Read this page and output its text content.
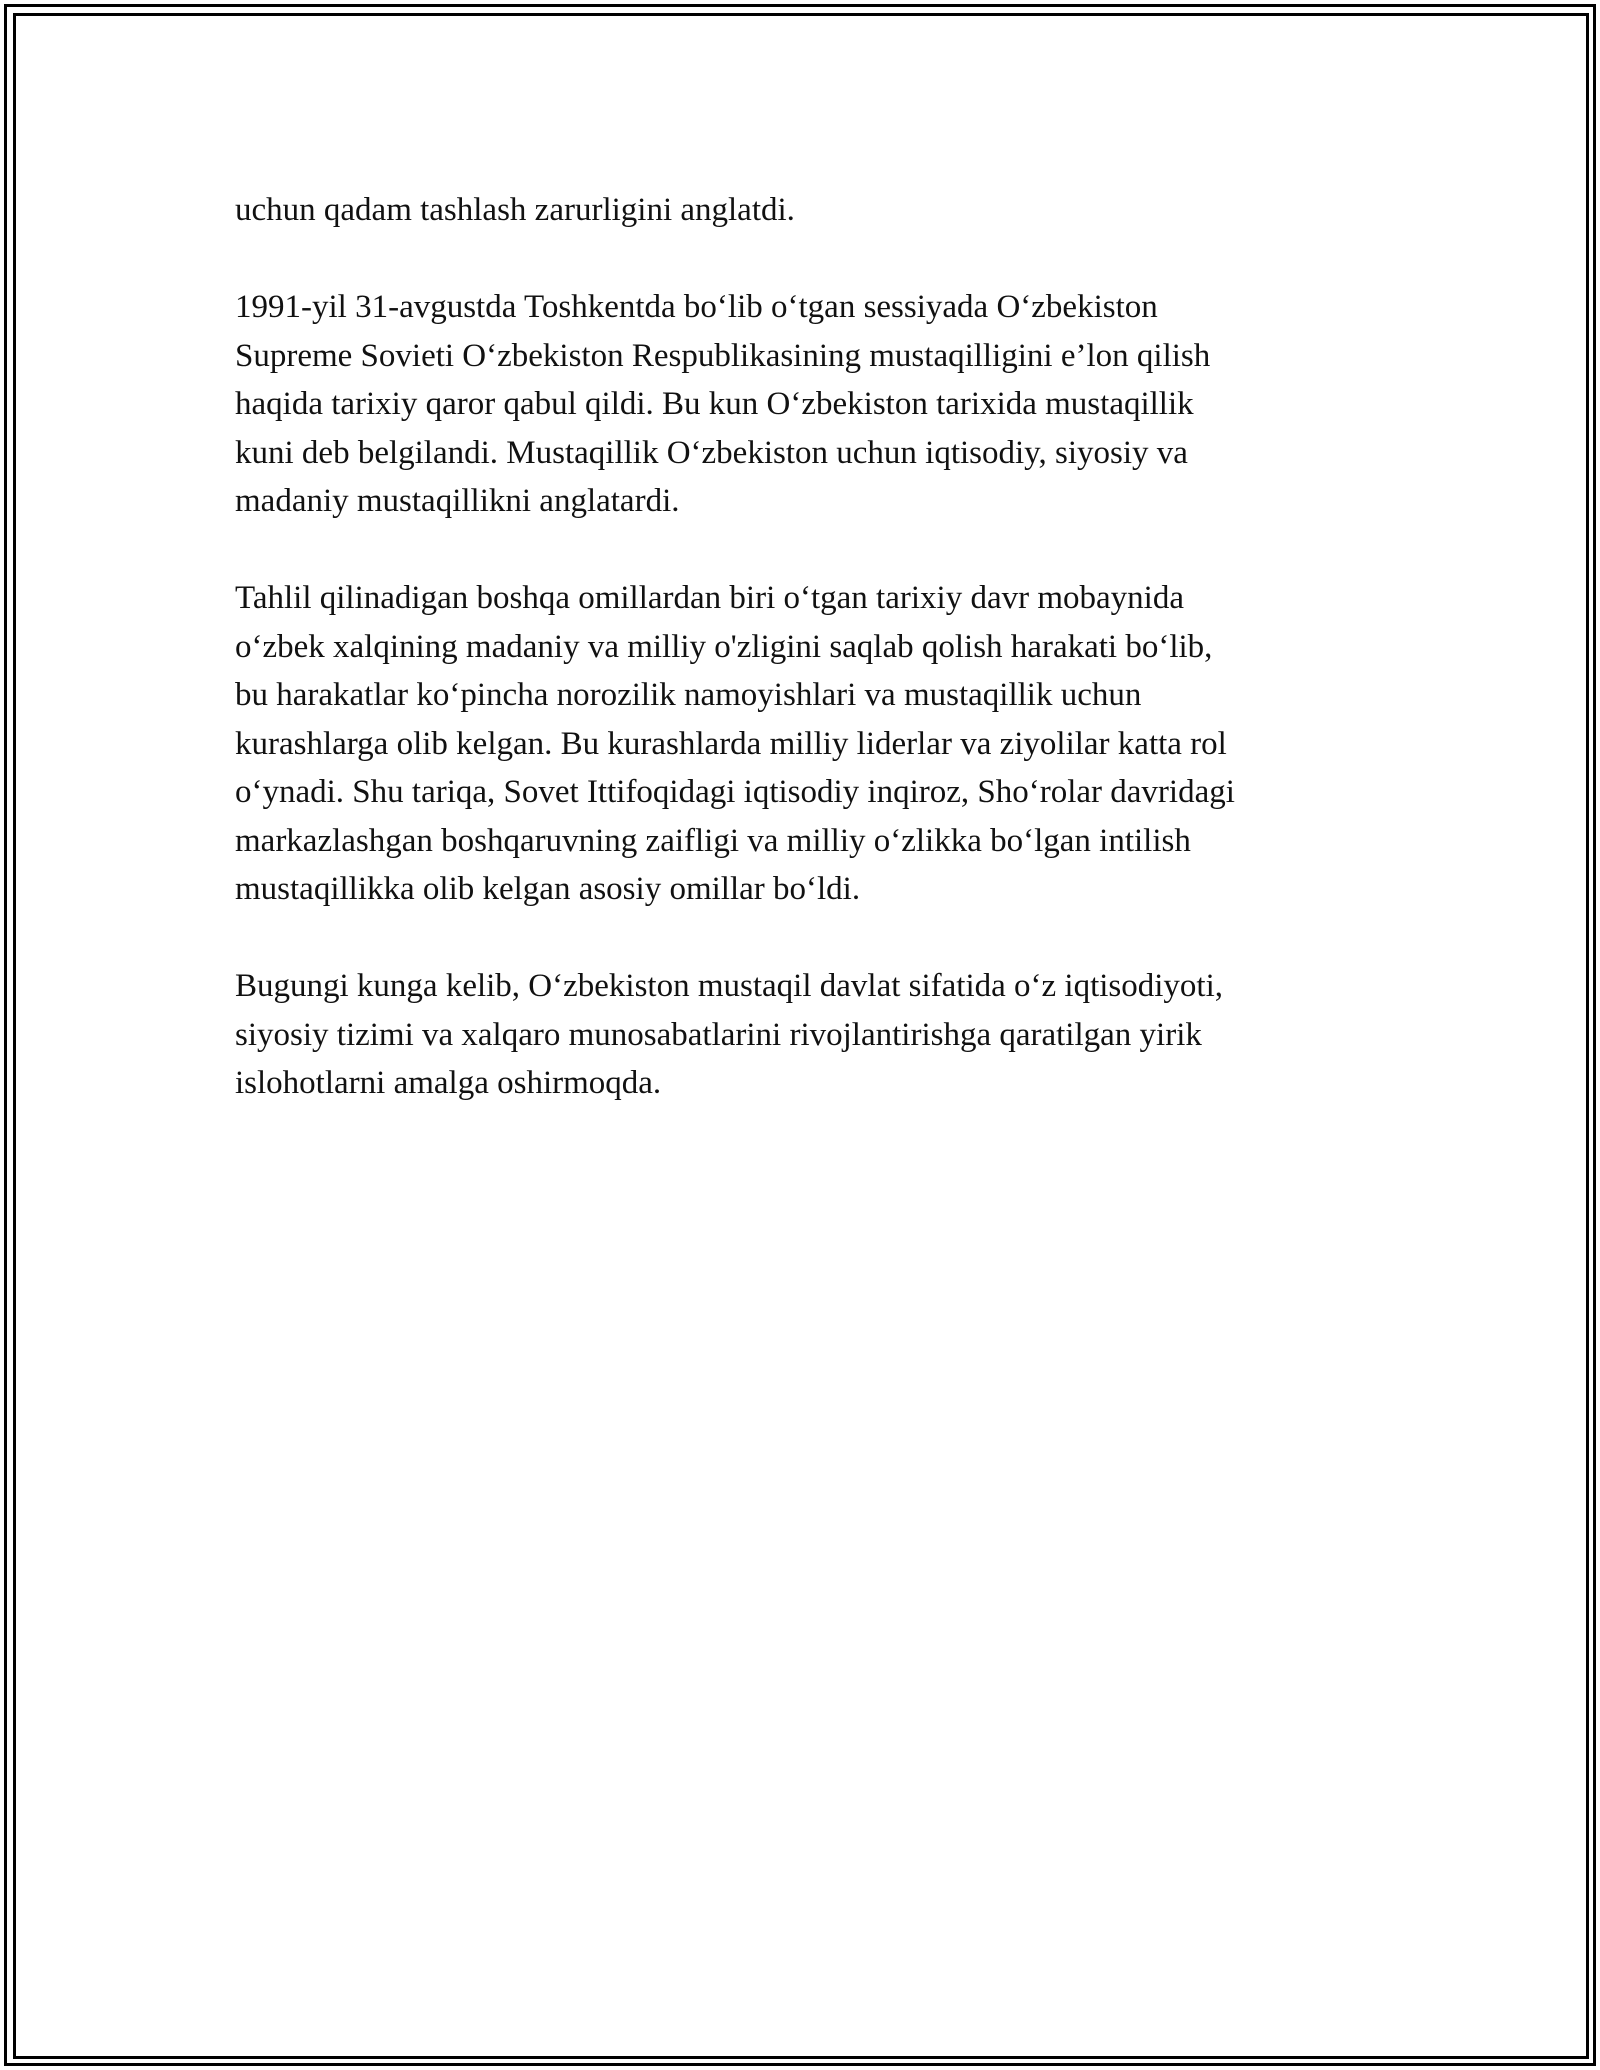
uchun qadam tashlash zarurligini anglatdi.

1991-yil 31-avgustda Toshkentda bo‘lib o‘tgan sessiyada O‘zbekiston
Supreme Sovieti O‘zbekiston Respublikasining mustaqilligini e’lon qilish
haqida tarixiy qaror qabul qildi. Bu kun O‘zbekiston tarixida mustaqillik
kuni deb belgilandi. Mustaqillik O‘zbekiston uchun iqtisodiy, siyosiy va
madaniy mustaqillikni anglatardi.

Tahlil qilinadigan boshqa omillardan biri o‘tgan tarixiy davr mobaynida
o‘zbek xalqining madaniy va milliy o'zligini saqlab qolish harakati bo‘lib,
bu harakatlar ko‘pincha norozilik namoyishlari va mustaqillik uchun
kurashlarga olib kelgan. Bu kurashlarda milliy liderlar va ziyolilar katta rol
o‘ynadi. Shu tariqa, Sovet Ittifoqidagi iqtisodiy inqiroz, Sho‘rolar davridagi
markazlashgan boshqaruvning zaifligi va milliy o‘zlikka bo‘lgan intilish
mustaqillikka olib kelgan asosiy omillar bo‘ldi.

Bugungi kunga kelib, O‘zbekiston mustaqil davlat sifatida o‘z iqtisodiyoti,
siyosiy tizimi va xalqaro munosabatlarini rivojlantirishga qaratilgan yirik
islohotlarni amalga oshirmoqda.
